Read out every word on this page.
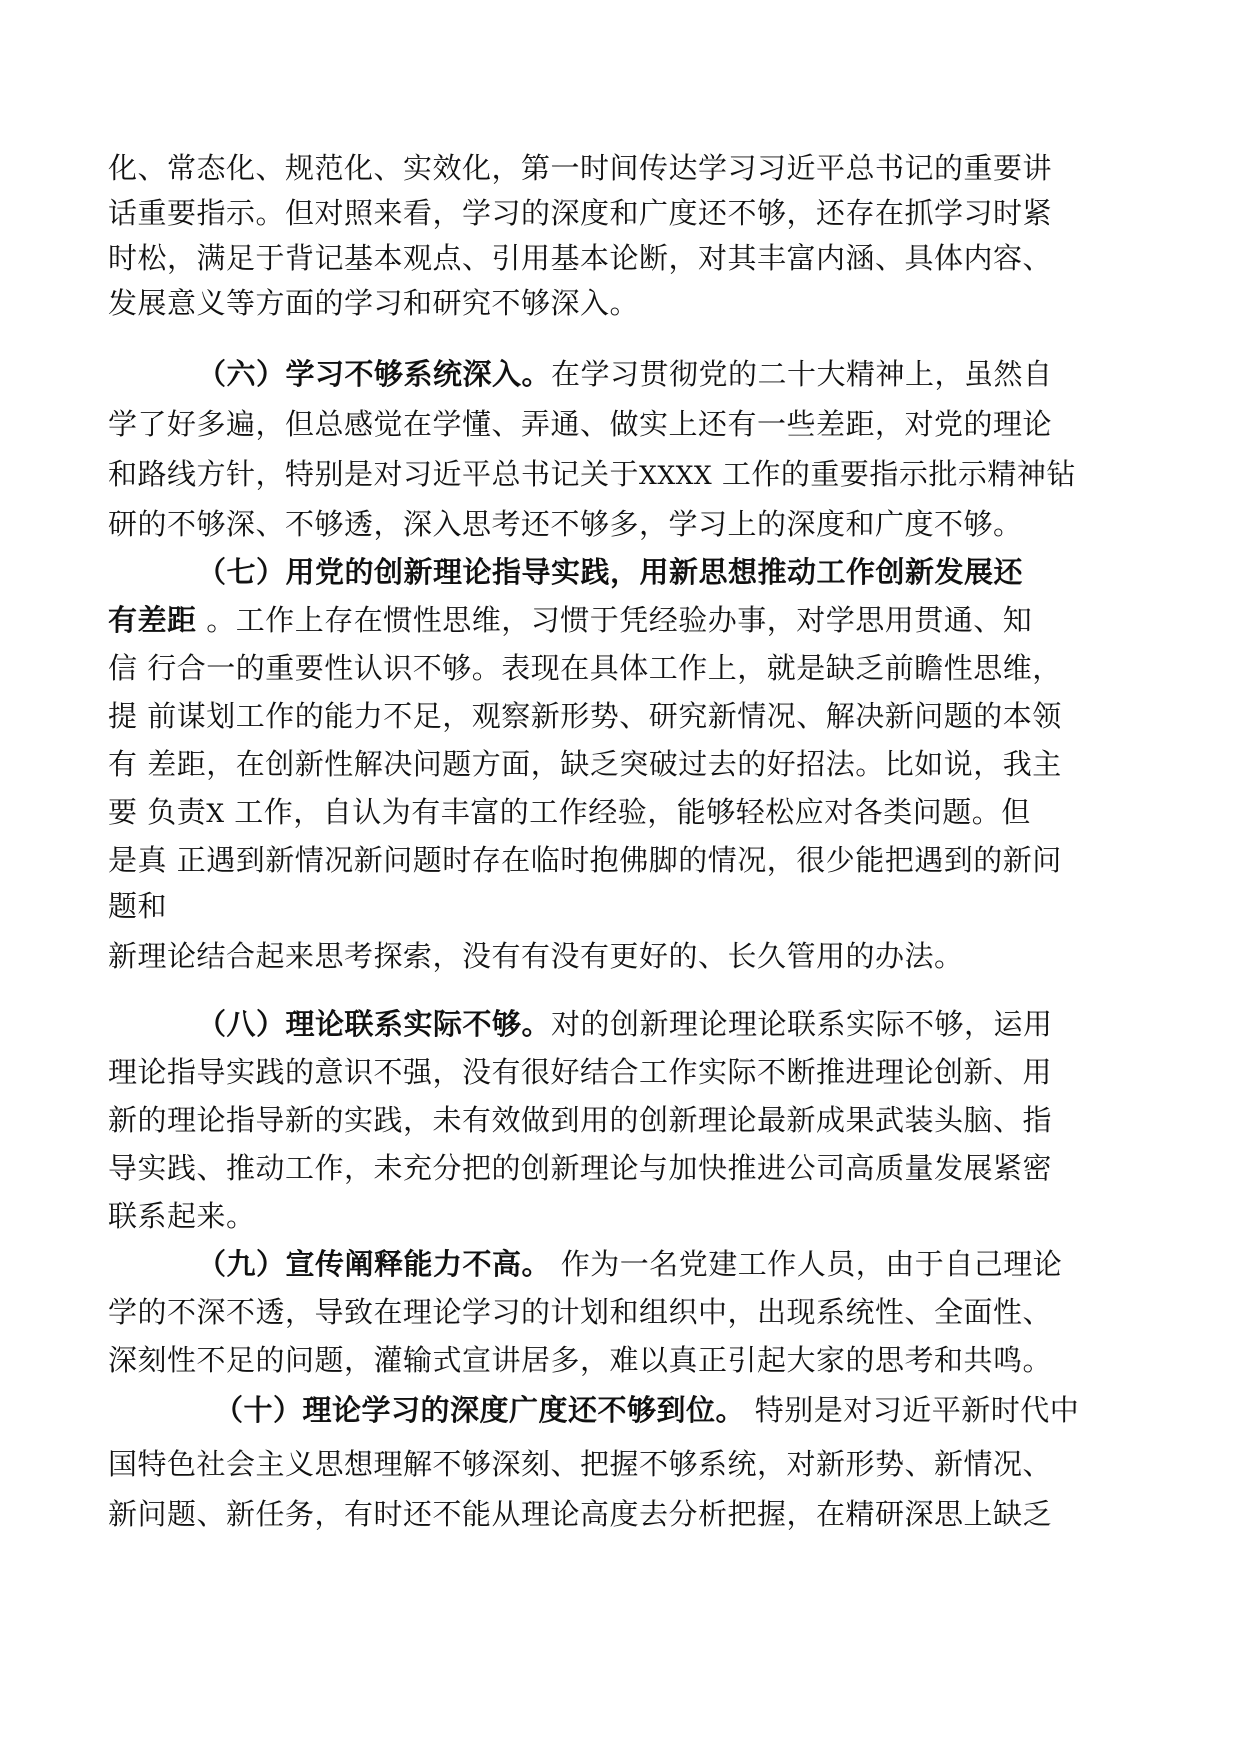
化、常态化、规范化、实效化，第一时间传达学习习近平总书记的重要讲
话重要指示。但对照来看，学习的深度和广度还不够，还存在抓学习时紧
时松，满足于背记基本观点、引用基本论断，对其丰富内涵、具体内容、
发展意义等方面的学习和研究不够深入。
（六）学习不够系统深入。在学习贯彻党的二十大精神上，虽然自
学了好多遍，但总感觉在学懂、弄通、做实上还有一些差距，对党的理论
和路线方针，特别是对习近平总书记关于XXXX 工作的重要指示批示精神钻
研的不够深、不够透，深入思考还不够多，学习上的深度和广度不够。
（七）用党的创新理论指导实践，用新思想推动工作创新发展还
有差距 。工作上存在惯性思维，习惯于凭经验办事，对学思用贯通、知
信 行合一的重要性认识不够。表现在具体工作上，就是缺乏前瞻性思维，
提 前谋划工作的能力不足，观察新形势、研究新情况、解决新问题的本领
有 差距，在创新性解决问题方面，缺乏突破过去的好招法。比如说，我主
要 负责X 工作，自认为有丰富的工作经验，能够轻松应对各类问题。但
是真 正遇到新情况新问题时存在临时抱佛脚的情况，很少能把遇到的新问
题和
新理论结合起来思考探索，没有有没有更好的、长久管用的办法。
（八）理论联系实际不够。对的创新理论理论联系实际不够，运用
理论指导实践的意识不强，没有很好结合工作实际不断推进理论创新、用
新的理论指导新的实践，未有效做到用的创新理论最新成果武装头脑、指
导实践、推动工作，未充分把的创新理论与加快推进公司高质量发展紧密
联系起来。
（九）宣传阐释能力不高。 作为一名党建工作人员，由于自己理论
学的不深不透，导致在理论学习的计划和组织中，出现系统性、全面性、
深刻性不足的问题，灌输式宣讲居多，难以真正引起大家的思考和共鸣。
（十）理论学习的深度广度还不够到位。 特别是对习近平新时代中
国特色社会主义思想理解不够深刻、把握不够系统，对新形势、新情况、
新问题、新任务，有时还不能从理论高度去分析把握，在精研深思上缺乏
